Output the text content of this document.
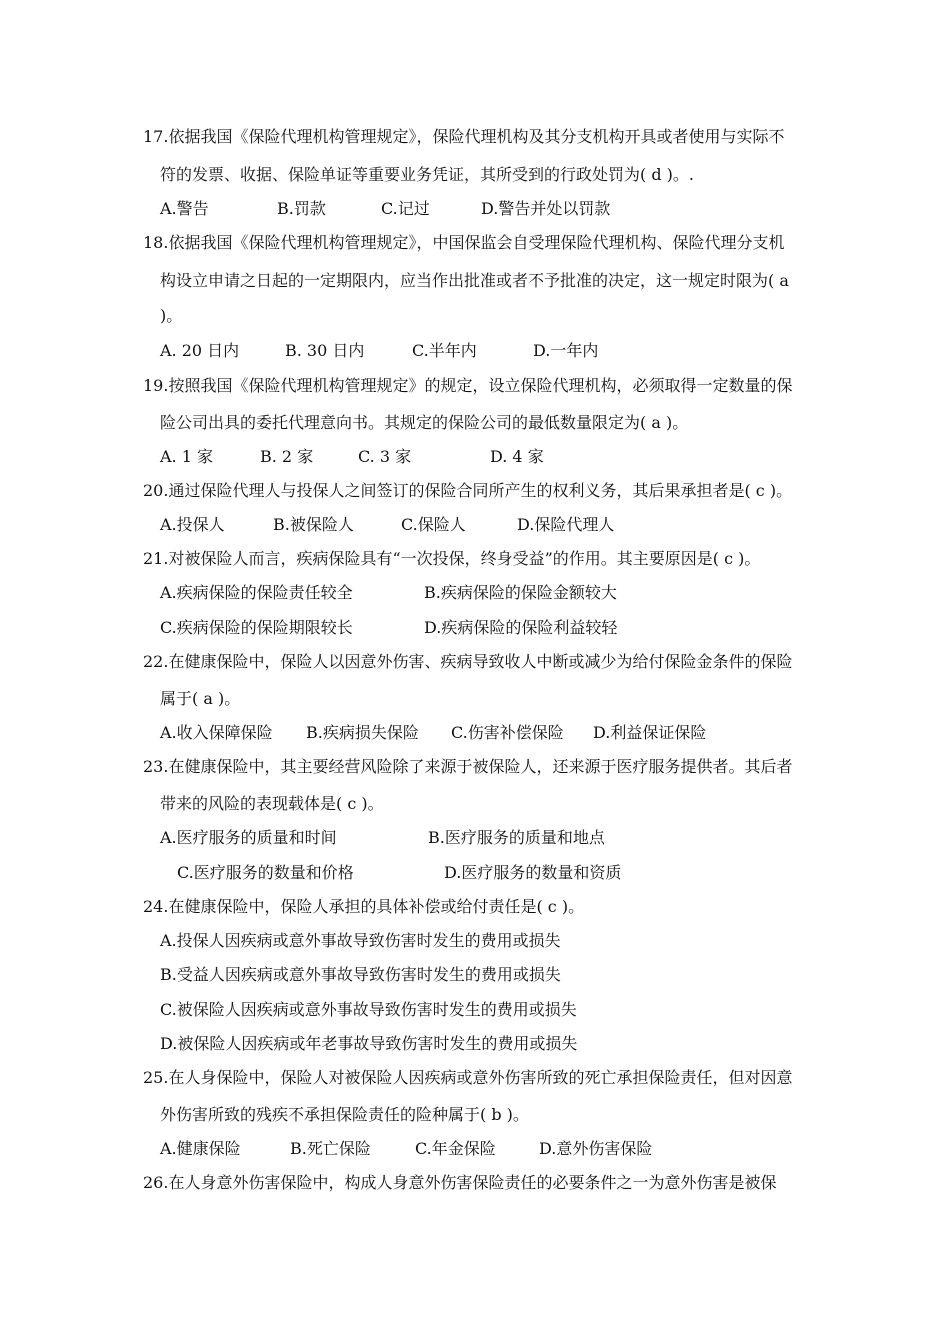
17.依据我国《保险代理机构管理规定》，保险代理机构及其分支机构开具或者使用与实际不
符的发票、收据、保险单证等重要业务凭证，其所受到的行政处罚为( d )。.
A.警告	B.罚款	C.记过	D.警告并处以罚款
18.依据我国《保险代理机构管理规定》，中国保监会自受理保险代理机构、保险代理分支机
构设立申请之日起的一定期限内，应当作出批准或者不予批准的决定，这一规定时限为( a
)。
A. 20 日内	B. 30 日内	C.半年内	D.一年内
19.按照我国《保险代理机构管理规定》的规定，设立保险代理机构，必须取得一定数量的保
险公司出具的委托代理意向书。其规定的保险公司的最低数量限定为( a )。
A. 1 家	B. 2 家	C. 3 家	D. 4 家
20.通过保险代理人与投保人之间签订的保险合同所产生的权利义务，其后果承担者是( c )。
A.投保人	B.被保险人	C.保险人	D.保险代理人
21.对被保险人而言，疾病保险具有“一次投保，终身受益”的作用。其主要原因是( c )。
A.疾病保险的保险责任较全	B.疾病保险的保险金额较大
C.疾病保险的保险期限较长	D.疾病保险的保险利益较轻
22.在健康保险中，保险人以因意外伤害、疾病导致收人中断或减少为给付保险金条件的保险
属于( a )。
A.收入保障保险 B.疾病损失保险 C.伤害补偿保险 D.利益保证保险
23.在健康保险中，其主要经营风险除了来源于被保险人，还来源于医疗服务提供者。其后者
带来的风险的表现载体是( c )。
A.医疗服务的质量和时间	B.医疗服务的质量和地点
C.医疗服务的数量和价格	D.医疗服务的数量和资质
24.在健康保险中，保险人承担的具体补偿或给付责任是( c )。
A.投保人因疾病或意外事故导致伤害时发生的费用或损失
B.受益人因疾病或意外事故导致伤害时发生的费用或损失
C.被保险人因疾病或意外事故导致伤害时发生的费用或损失
D.被保险人因疾病或年老事故导致伤害时发生的费用或损失
25.在人身保险中，保险人对被保险人因疾病或意外伤害所致的死亡承担保险责任，但对因意
外伤害所致的残疾不承担保险责任的险种属于( b )。
A.健康保险	B.死亡保险	C.年金保险	D.意外伤害保险
26.在人身意外伤害保险中，构成人身意外伤害保险责任的必要条件之一为意外伤害是被保
